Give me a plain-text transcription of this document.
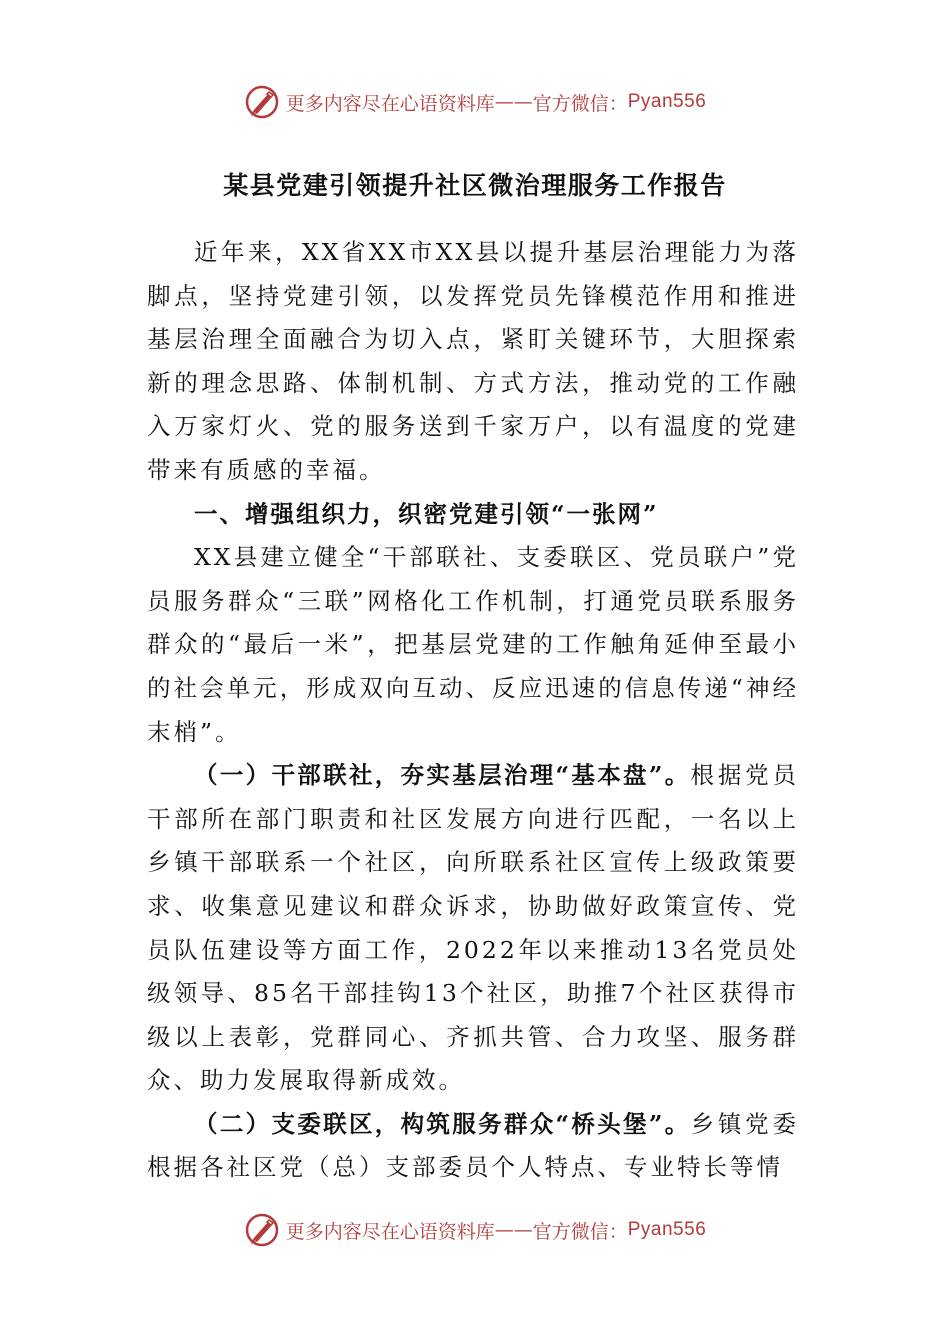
更多内容尽在心语资料库 —— 官方微信： Pyan556
某县党建引领提升社区微治理服务工作报告

近年来，XX省XX市XX县以提升基层治理能力为落脚点，坚持党建引领，以发挥党员先锋模范作用和推进基层治理全面融合为切入点，紧盯关键环节，大胆探索新的理念思路、体制机制、方式方法，推动党的工作融入万家灯火、党的服务送到千家万户，以有温度的党建带来有质感的幸福。

一、增强组织力，织密党建引领“一张网”

XX县建立健全“干部联社、支委联区、党员联户”党员服务群众“三联”网格化工作机制，打通党员联系服务群众的“最后一米”，把基层党建的工作触角延伸至最小的社会单元，形成双向互动、反应迅速的信息传递“神经末梢”。

（一）干部联社，夯实基层治理“基本盘”。根据党员干部所在部门职责和社区发展方向进行匹配，一名以上乡镇干部联系一个社区，向所联系社区宣传上级政策要求、收集意见建议和群众诉求，协助做好政策宣传、党员队伍建设等方面工作，2022年以来推动13名党员处级领导、85名干部挂钩13个社区，助推7个社区获得市级以上表彰，党群同心、齐抓共管、合力攻坚、服务群众、助力发展取得新成效。

（二）支委联区，构筑服务群众“桥头堡”。乡镇党委根据各社区党（总）支部委员个人特点、专业特长等情

更多内容尽在心语资料库 —— 官方微信： Pyan556
